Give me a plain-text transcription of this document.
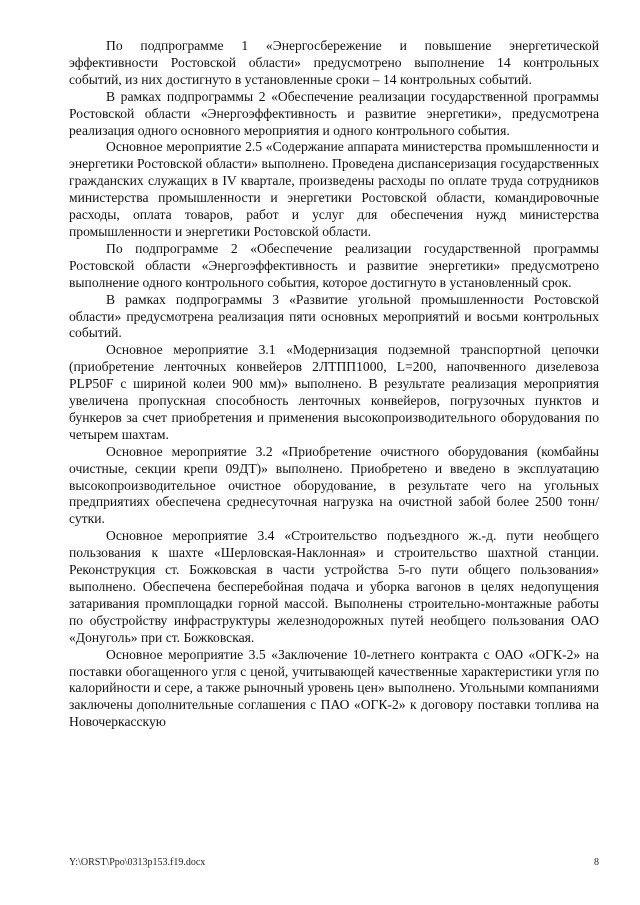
По подпрограмме 1 «Энергосбережение и повышение энергетической эффективности Ростовской области» предусмотрено выполнение 14 контрольных событий, из них достигнуто в установленные сроки – 14 контрольных событий.

В рамках подпрограммы 2 «Обеспечение реализации государственной программы Ростовской области «Энергоэффективность и развитие энергетики», предусмотрена реализация одного основного мероприятия и одного контрольного события.

Основное мероприятие 2.5 «Содержание аппарата министерства промышленности и энергетики Ростовской области» выполнено. Проведена диспансеризация государственных гражданских служащих в IV квартале, произведены расходы по оплате труда сотрудников министерства промышленности и энергетики Ростовской области, командировочные расходы, оплата товаров, работ и услуг для обеспечения нужд министерства промышленности и энергетики Ростовской области.

По подпрограмме 2 «Обеспечение реализации государственной программы Ростовской области «Энергоэффективность и развитие энергетики» предусмотрено выполнение одного контрольного события, которое достигнуто в установленный срок.

В рамках подпрограммы 3 «Развитие угольной промышленности Ростовской области» предусмотрена реализация пяти основных мероприятий и восьми контрольных событий.

Основное мероприятие 3.1 «Модернизация подземной транспортной цепочки (приобретение ленточных конвейеров 2ЛТПП1000, L=200, напочвенного дизелевоза PLP50F с шириной колеи 900 мм)» выполнено. В результате реализация мероприятия увеличена пропускная способность ленточных конвейеров, погрузочных пунктов и бункеров за счет приобретения и применения высокопроизводительного оборудования по четырем шахтам.

Основное мероприятие 3.2 «Приобретение очистного оборудования (комбайны очистные, секции крепи 09ДТ)» выполнено. Приобретено и введено в эксплуатацию высокопроизводительное очистное оборудование, в результате чего на угольных предприятиях обеспечена среднесуточная нагрузка на очистной забой более 2500 тонн/сутки.

Основное мероприятие 3.4 «Строительство подъездного ж.-д. пути необщего пользования к шахте «Шерловская-Наклонная» и строительство шахтной станции. Реконструкция ст. Божковская в части устройства 5-го пути общего пользования» выполнено. Обеспечена бесперебойная подача и уборка вагонов в целях недопущения затаривания промплощадки горной массой. Выполнены строительно-монтажные работы по обустройству инфраструктуры железнодорожных путей необщего пользования ОАО «Донуголь» при ст. Божковская.

Основное мероприятие 3.5 «Заключение 10-летнего контракта с ОАО «ОГК-2» на поставки обогащенного угля с ценой, учитывающей качественные характеристики угля по калорийности и сере, а также рыночный уровень цен» выполнено. Угольными компаниями заключены дополнительные соглашения с ПАО «ОГК-2» к договору поставки топлива на Новочеркасскую

Y:\ORST\Ppo\0313p153.f19.docx	8
